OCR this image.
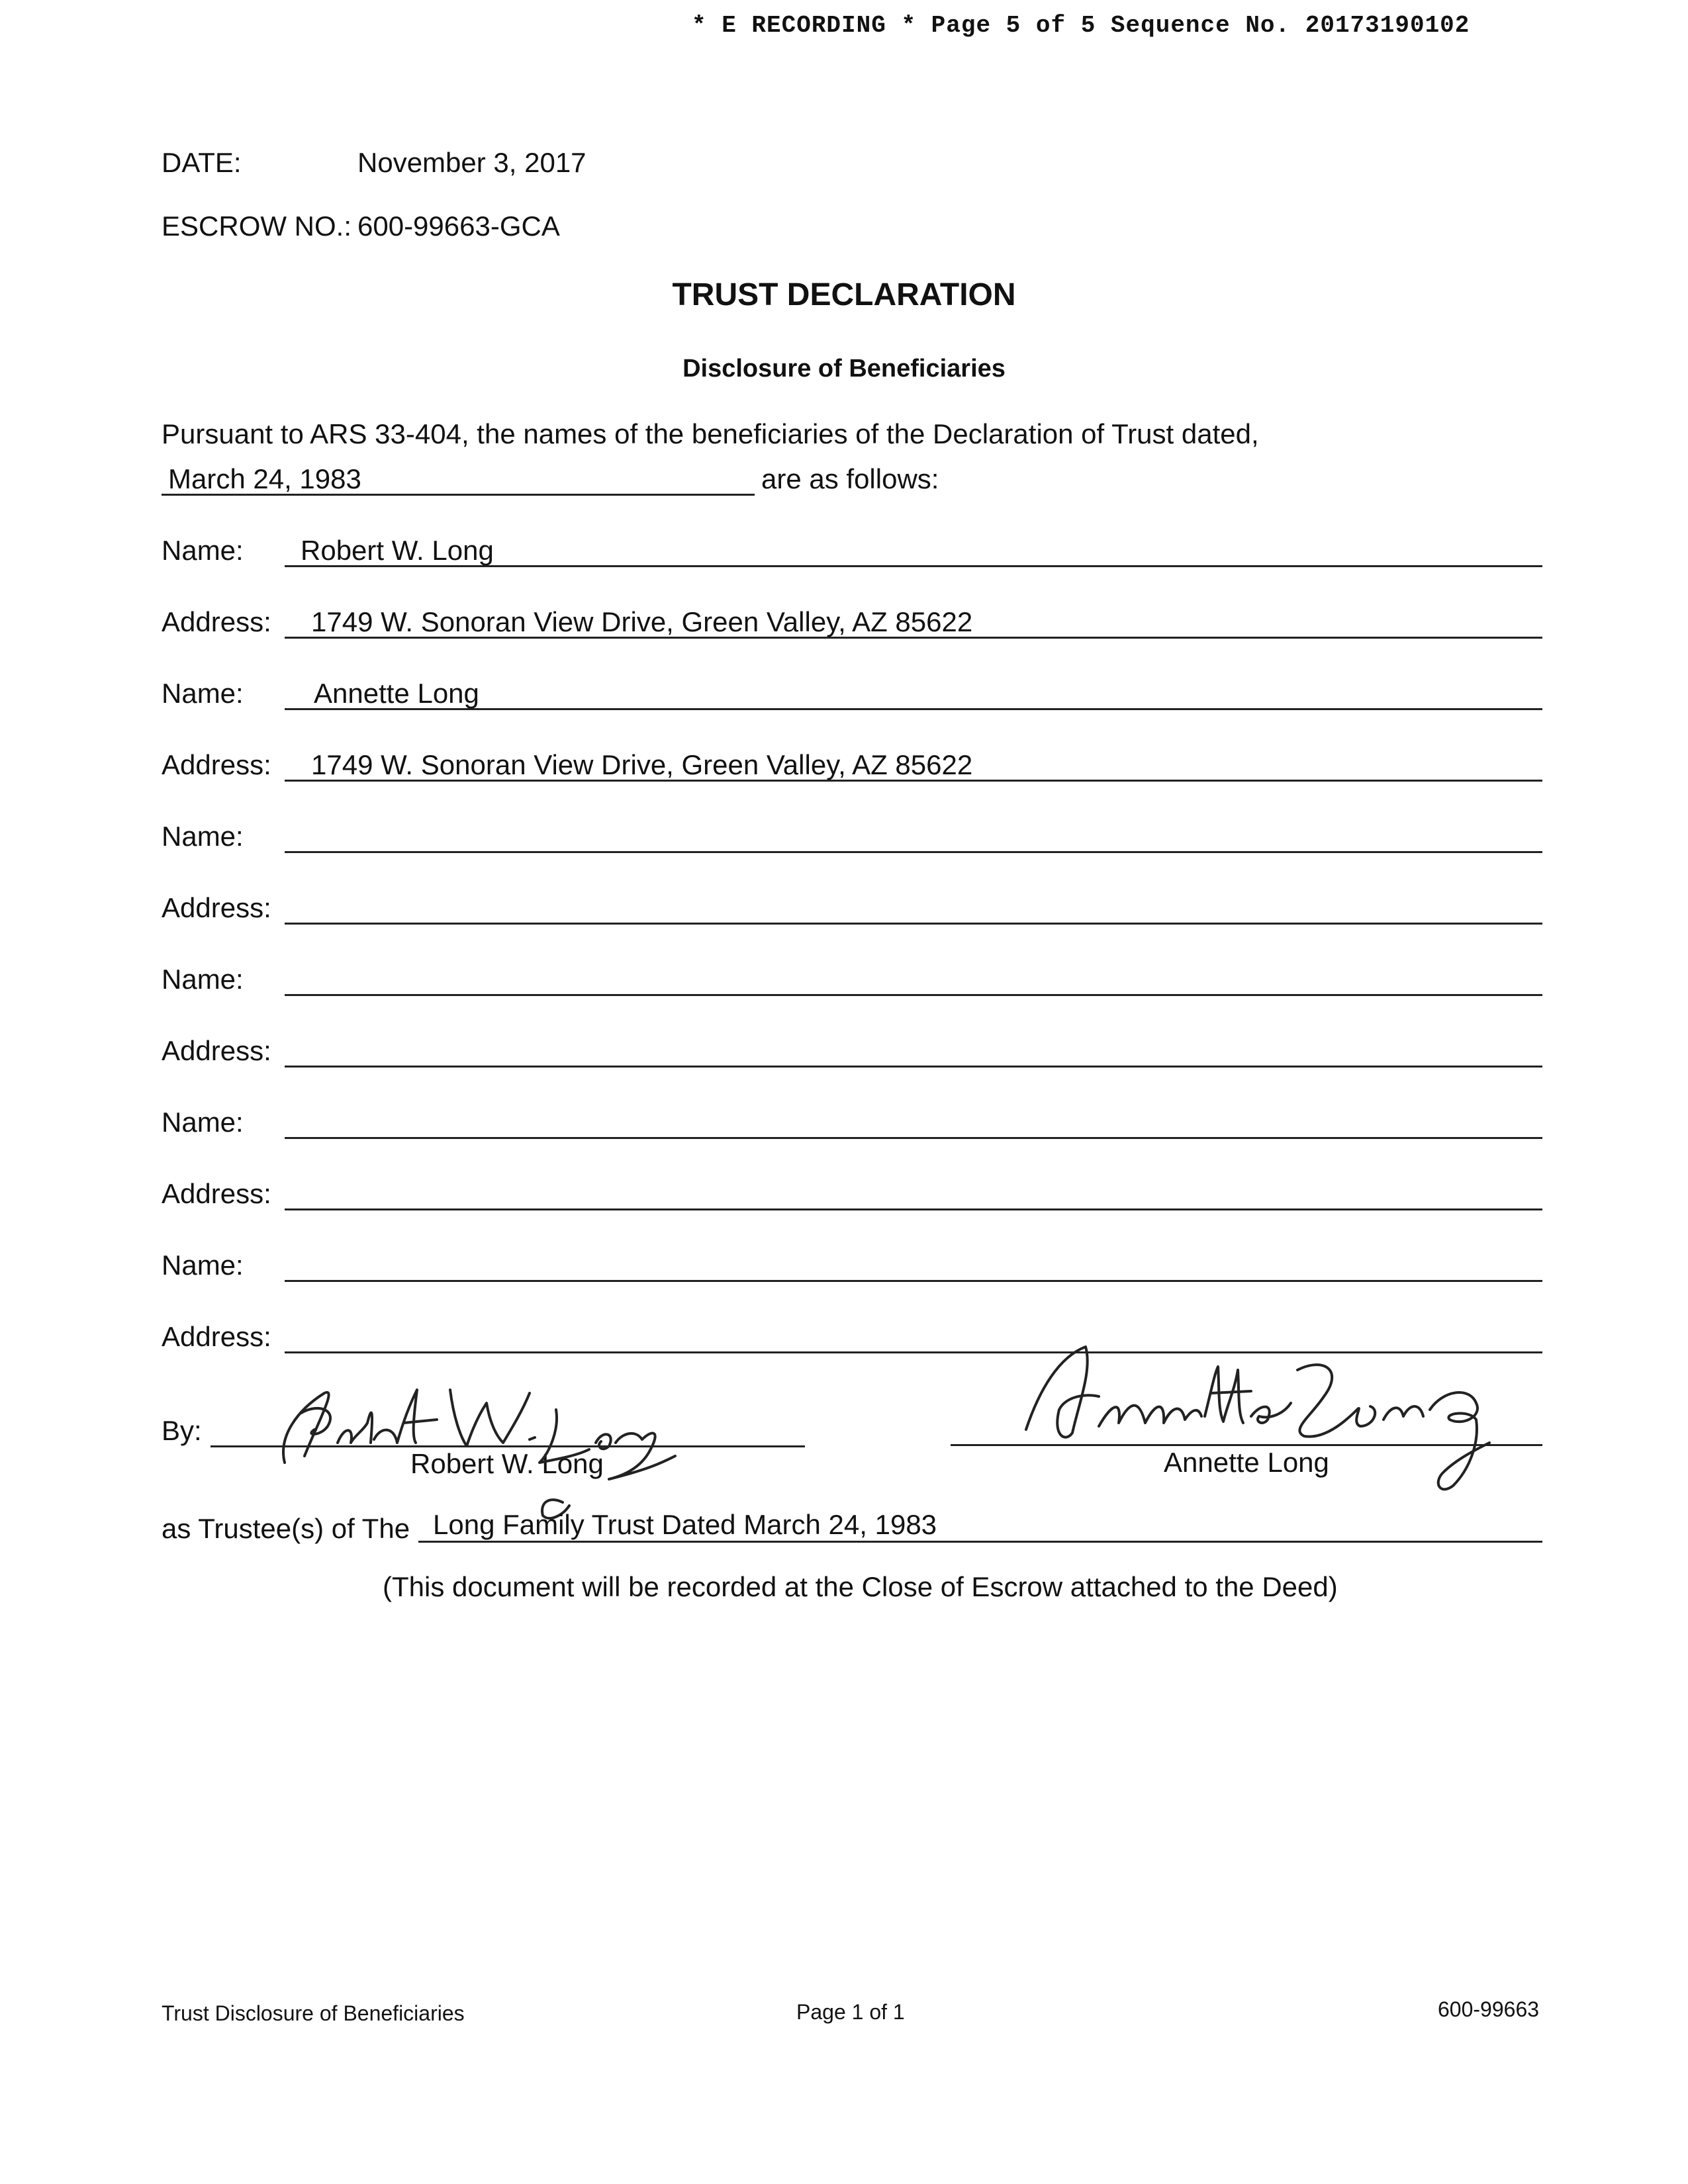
* E RECORDING * Page 5 of 5 Sequence No. 20173190102
DATE:	November 3, 2017
ESCROW NO.: 600-99663-GCA
TRUST DECLARATION
Disclosure of Beneficiaries
Pursuant to ARS 33-404, the names of the beneficiaries of the Declaration of Trust dated,
March 24, 1983	are as follows:
Name: Robert W. Long
Address: 1749 W. Sonoran View Drive, Green Valley, AZ 85622
Name:	Annette Long
Address: 1749 W. Sonoran View Drive, Green Valley, AZ 85622
Name:
Address:
Name:
Address:
Name:
Address:
Name:
Address:
By:
Robert W. Long	Annette Long
as Trustee(s) of The Long Family Trust Dated March 24, 1983
(This document will be recorded at the Close of Escrow attached to the Deed)
Trust Disclosure of Beneficiaries	Page 1 of 1	600-99663
